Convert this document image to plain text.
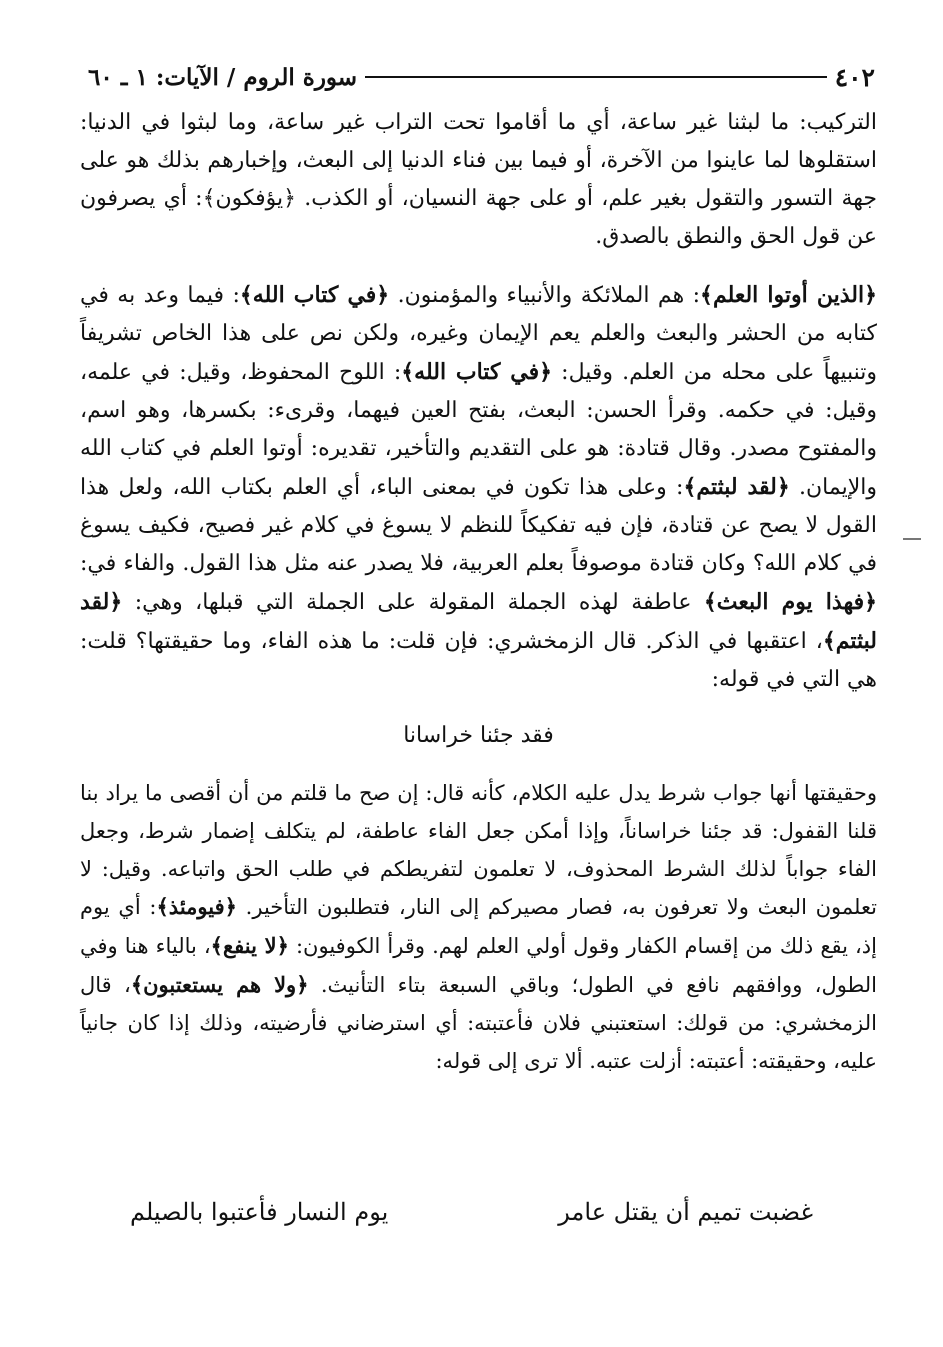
٤٠٢
سورة الروم / الآيات: ١ ـ ٦٠

التركيب: ما لبثنا غير ساعة، أي ما أقاموا تحت التراب غير ساعة، وما لبثوا في الدنيا: استقلوها لما عاينوا من الآخرة، أو فيما بين فناء الدنيا إلى البعث، وإخبارهم بذلك هو على جهة التسور والتقول بغير علم، أو على جهة النسيان، أو الكذب. ﴿يؤفكون﴾: أي يصرفون عن قول الحق والنطق بالصدق.

﴿الذين أوتوا العلم﴾: هم الملائكة والأنبياء والمؤمنون. ﴿في كتاب الله﴾: فيما وعد به في كتابه من الحشر والبعث والعلم يعم الإيمان وغيره، ولكن نص على هذا الخاص تشريفاً وتنبيهاً على محله من العلم. وقيل: ﴿في كتاب الله﴾: اللوح المحفوظ، وقيل: في علمه، وقيل: في حكمه. وقرأ الحسن: البعث، بفتح العين فيهما، وقرىء: بكسرها، وهو اسم، والمفتوح مصدر. وقال قتادة: هو على التقديم والتأخير، تقديره: أوتوا العلم في كتاب الله والإيمان. ﴿لقد لبثتم﴾: وعلى هذا تكون في بمعنى الباء، أي العلم بكتاب الله، ولعل هذا القول لا يصح عن قتادة، فإن فيه تفكيكاً للنظم لا يسوغ في كلام غير فصيح، فكيف يسوغ في كلام الله؟ وكان قتادة موصوفاً بعلم العربية، فلا يصدر عنه مثل هذا القول. والفاء في: ﴿فهذا يوم البعث﴾ عاطفة لهذه الجملة المقولة على الجملة التي قبلها، وهي: ﴿لقد لبثتم﴾، اعتقبها في الذكر. قال الزمخشري: فإن قلت: ما هذه الفاء، وما حقيقتها؟ قلت: هي التي في قوله:

فقد جئنا خراسانا

وحقيقتها أنها جواب شرط يدل عليه الكلام، كأنه قال: إن صح ما قلتم من أن أقصى ما يراد بنا قلنا القفول: قد جئنا خراساناً، وإذا أمكن جعل الفاء عاطفة، لم يتكلف إضمار شرط، وجعل الفاء جواباً لذلك الشرط المحذوف، لا تعلمون لتفريطكم في طلب الحق واتباعه. وقيل: لا تعلمون البعث ولا تعرفون به، فصار مصيركم إلى النار، فتطلبون التأخير. ﴿فيومئذ﴾: أي يوم إذ، يقع ذلك من إقسام الكفار وقول أولي العلم لهم. وقرأ الكوفيون: ﴿لا ينفع﴾، بالياء هنا وفي الطول، ووافقهم نافع في الطول؛ وباقي السبعة بتاء التأنيث. ﴿ولا هم يستعتبون﴾، قال الزمخشري: من قولك: استعتبني فلان فأعتبته: أي استرضاني فأرضيته، وذلك إذا كان جانياً عليه، وحقيقته: أعتبته: أزلت عتبه. ألا ترى إلى قوله:

غضبت تميم أن يقتل عامر
يوم النسار فأعتبوا بالصيلم
